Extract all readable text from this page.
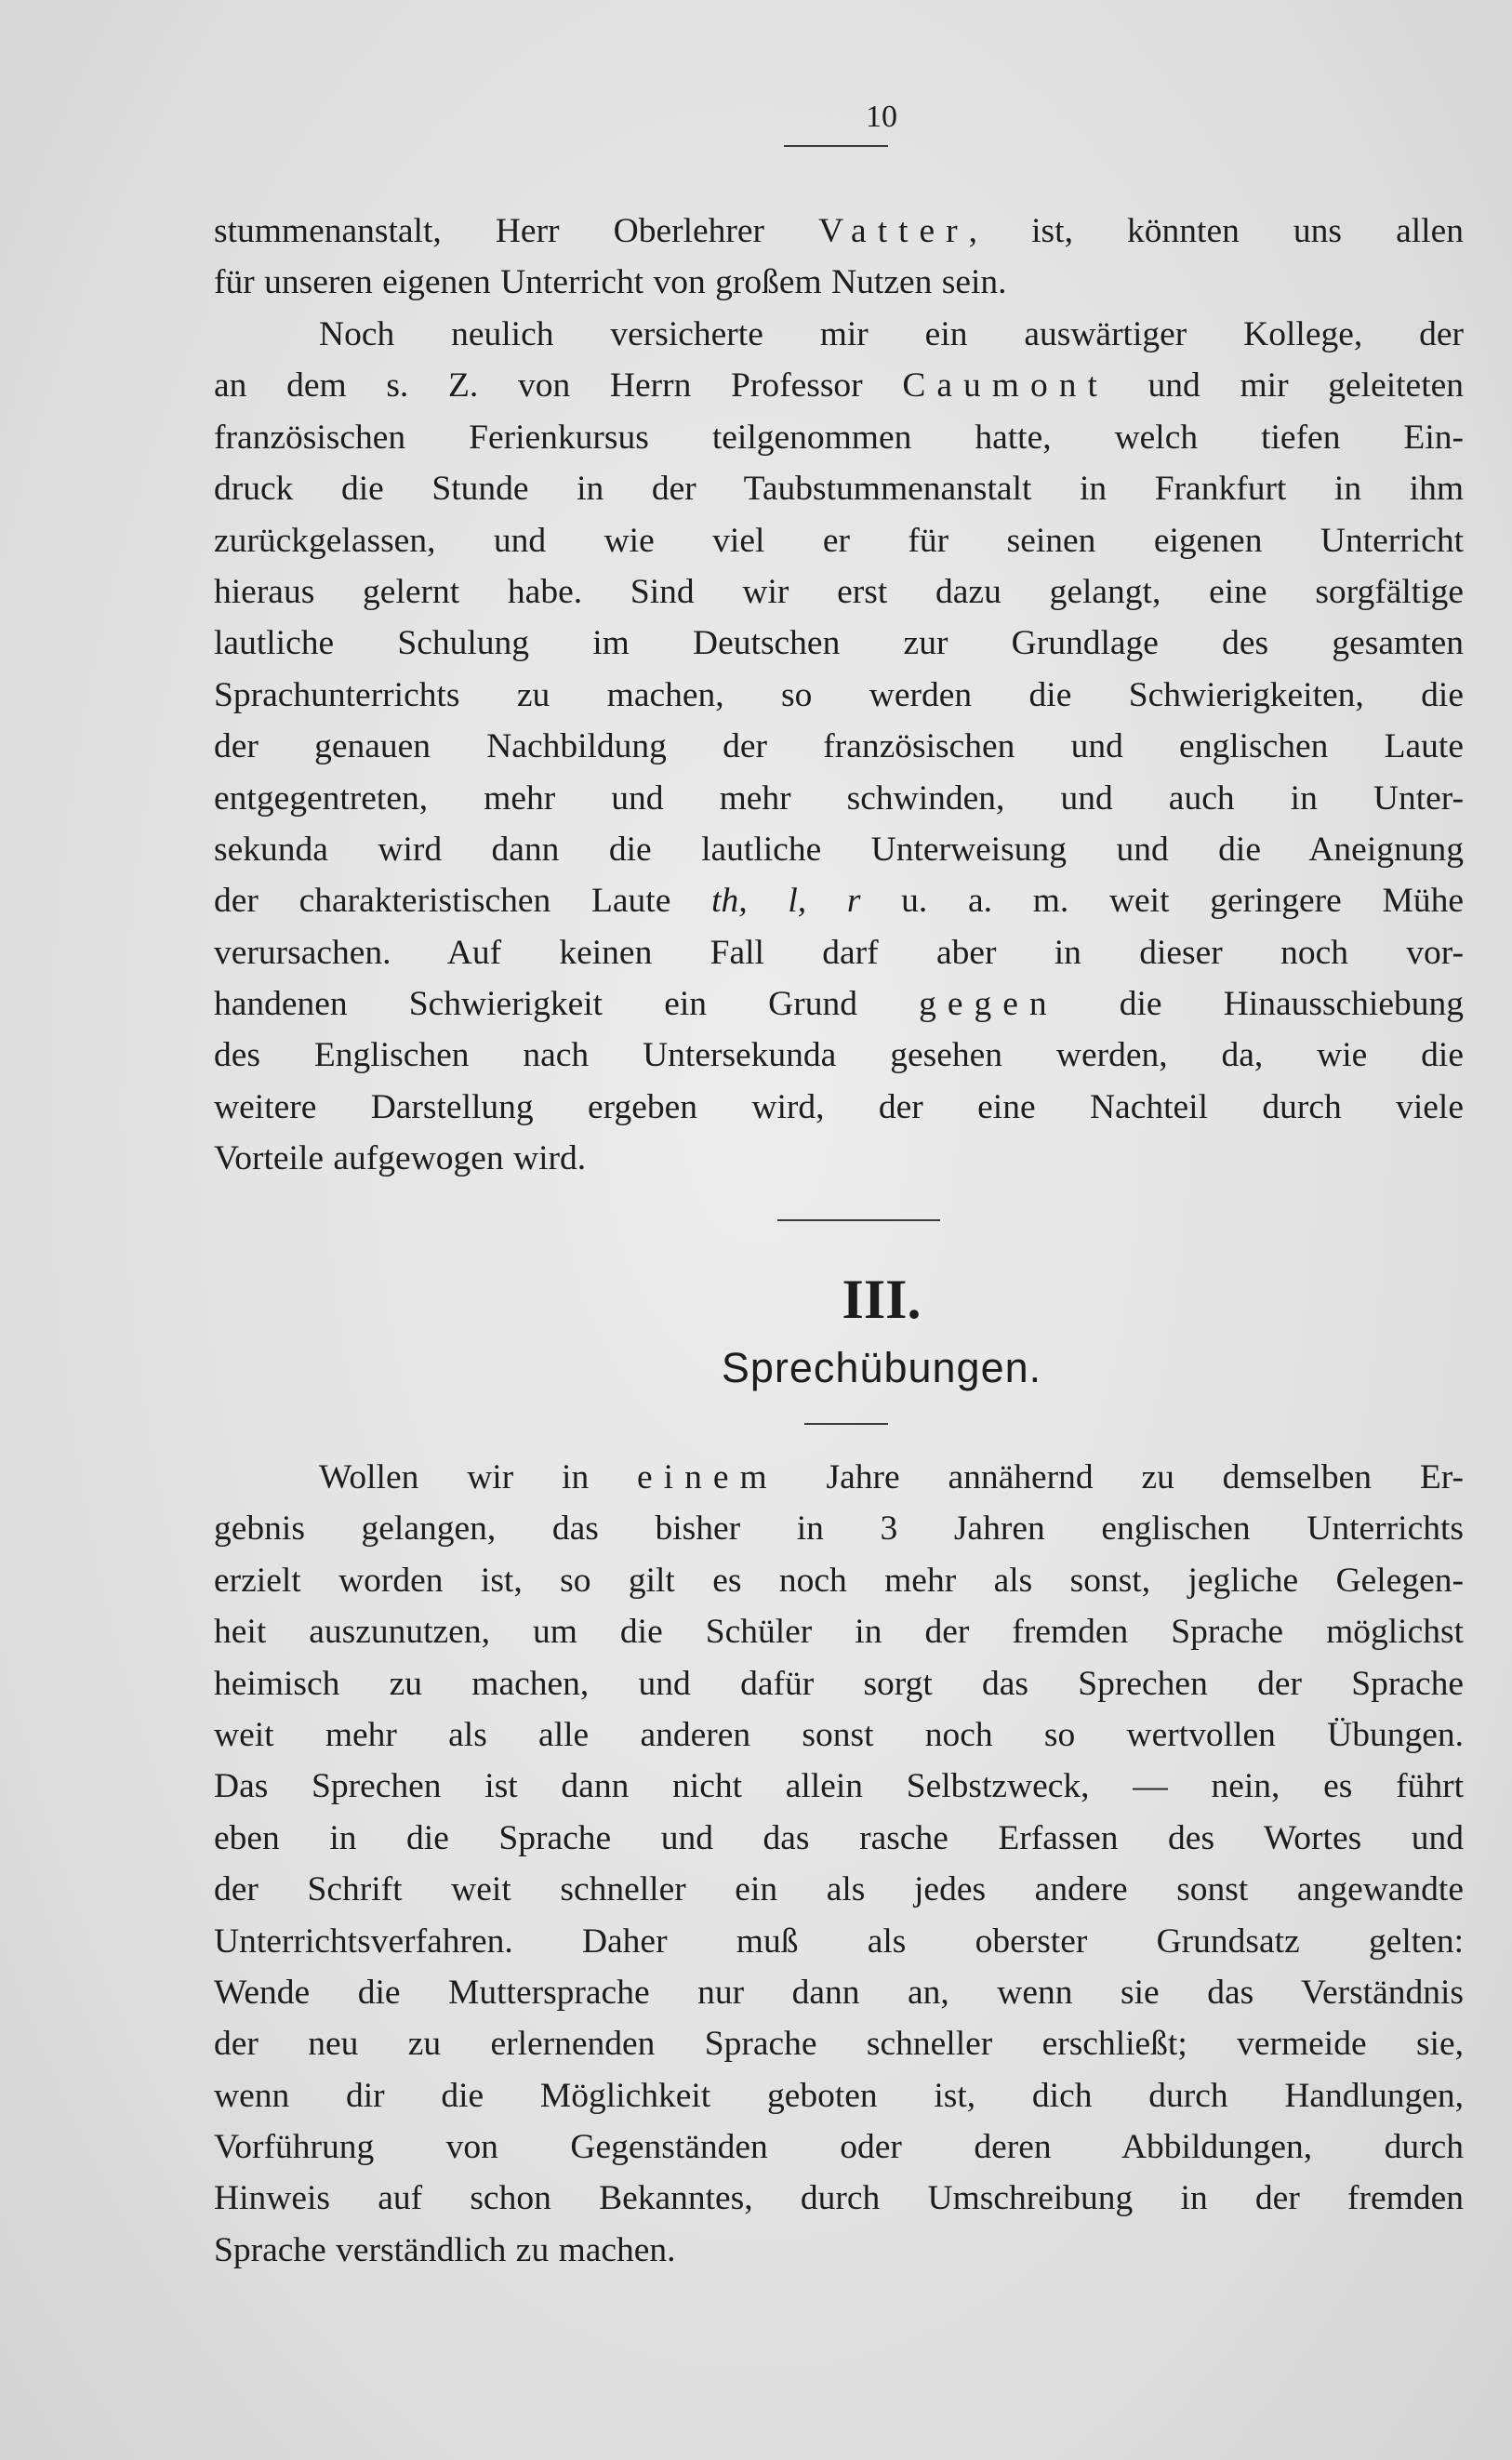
10
stummenanstalt, Herr Oberlehrer Vatter, ist, könnten uns allen
für unseren eigenen Unterricht von großem Nutzen sein.
Noch neulich versicherte mir ein auswärtiger Kollege, der
an dem s. Z. von Herrn Professor Caumont und mir geleiteten
französischen Ferienkursus teilgenommen hatte, welch tiefen Ein-
druck die Stunde in der Taubstummenanstalt in Frankfurt in ihm
zurückgelassen, und wie viel er für seinen eigenen Unterricht
hieraus gelernt habe. Sind wir erst dazu gelangt, eine sorgfältige
lautliche Schulung im Deutschen zur Grundlage des gesamten
Sprachunterrichts zu machen, so werden die Schwierigkeiten, die
der genauen Nachbildung der französischen und englischen Laute
entgegentreten, mehr und mehr schwinden, und auch in Unter-
sekunda wird dann die lautliche Unterweisung und die Aneignung
der charakteristischen Laute th, l, r u. a. m. weit geringere Mühe
verursachen. Auf keinen Fall darf aber in dieser noch vor-
handenen Schwierigkeit ein Grund gegen die Hinausschiebung
des Englischen nach Untersekunda gesehen werden, da, wie die
weitere Darstellung ergeben wird, der eine Nachteil durch viele
Vorteile aufgewogen wird.
III.
Sprechübungen.
Wollen wir in einem Jahre annähernd zu demselben Er-
gebnis gelangen, das bisher in 3 Jahren englischen Unterrichts
erzielt worden ist, so gilt es noch mehr als sonst, jegliche Gelegen-
heit auszunutzen, um die Schüler in der fremden Sprache möglichst
heimisch zu machen, und dafür sorgt das Sprechen der Sprache
weit mehr als alle anderen sonst noch so wertvollen Übungen.
Das Sprechen ist dann nicht allein Selbstzweck, — nein, es führt
eben in die Sprache und das rasche Erfassen des Wortes und
der Schrift weit schneller ein als jedes andere sonst angewandte
Unterrichtsverfahren. Daher muß als oberster Grundsatz gelten:
Wende die Muttersprache nur dann an, wenn sie das Verständnis
der neu zu erlernenden Sprache schneller erschließt; vermeide sie,
wenn dir die Möglichkeit geboten ist, dich durch Handlungen,
Vorführung von Gegenständen oder deren Abbildungen, durch
Hinweis auf schon Bekanntes, durch Umschreibung in der fremden
Sprache verständlich zu machen.
